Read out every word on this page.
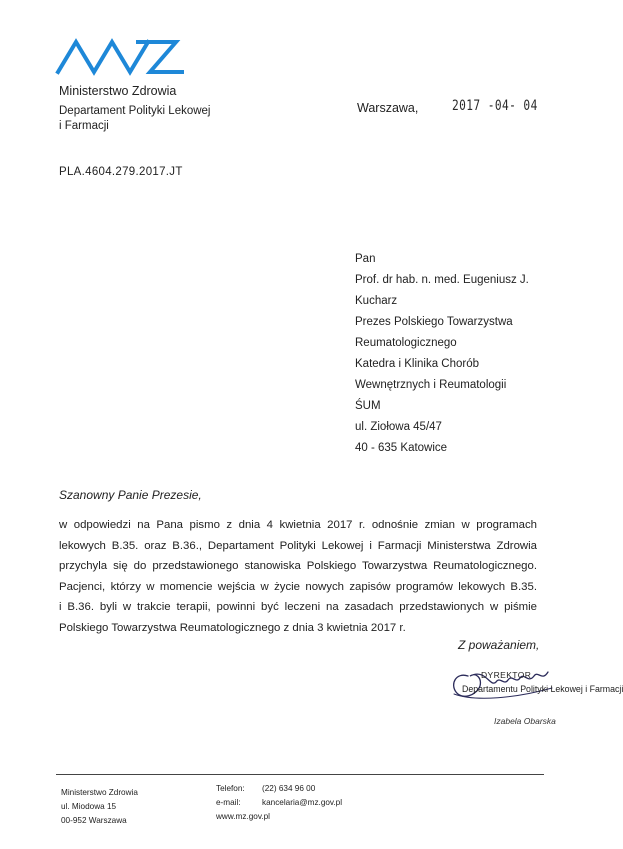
Ministerstwo Zdrowia
Departament Polityki Lekowej
i Farmacji
Warszawa, 2017 -04- 04
PLA.4604.279.2017.JT
Pan
Prof. dr hab. n. med. Eugeniusz J.
Kucharz
Prezes Polskiego Towarzystwa
Reumatologicznego
Katedra i Klinika Chorób
Wewnętrznych i Reumatologii
ŚUM
ul. Ziołowa 45/47
40 - 635 Katowice
Szanowny Panie Prezesie,
w odpowiedzi na Pana pismo z dnia 4 kwietnia 2017 r. odnośnie zmian w programach
lekowych B.35. oraz B.36., Departament Polityki Lekowej i Farmacji Ministerstwa Zdrowia
przychyla się do przedstawionego stanowiska Polskiego Towarzystwa Reumatologicznego.
Pacjenci, którzy w momencie wejścia w życie nowych zapisów programów lekowych B.35.
i B.36. byli w trakcie terapii, powinni być leczeni na zasadach przedstawionych w piśmie
Polskiego Towarzystwa Reumatologicznego z dnia 3 kwietnia 2017 r.
Z poważaniem,
DYREKTOR
Departamentu Polityki Lekowej i Farmacji
Izabela Obarska
Ministerstwo Zdrowia
ul. Miodowa 15
00-952 Warszawa
Telefon:	(22) 634 96 00
e-mail:	kancelaria@mz.gov.pl
www.mz.gov.pl
